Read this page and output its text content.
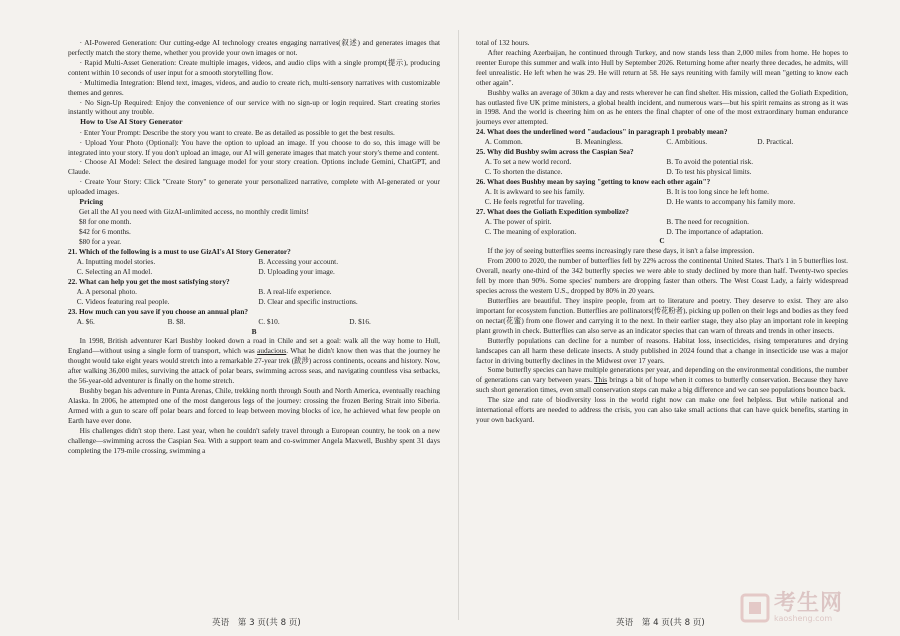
· AI-Powered Generation: Our cutting-edge AI technology creates engaging narratives(叙述) and generates images that perfectly match the story theme, whether you provide your own images or not.

· Rapid Multi-Asset Generation: Create multiple images, videos, and audio clips with a single prompt(提示), producing content within 10 seconds of user input for a smooth storytelling flow.

· Multimedia Integration: Blend text, images, videos, and audio to create rich, multi-sensory narratives with customizable themes and genres.

· No Sign-Up Required: Enjoy the convenience of our service with no sign-up or login required. Start creating stories instantly without any trouble.

How to Use AI Story Generator

· Enter Your Prompt: Describe the story you want to create. Be as detailed as possible to get the best results.

· Upload Your Photo (Optional): You have the option to upload an image. If you choose to do so, this image will be integrated into your story. If you don't upload an image, our AI will generate images that match your story's theme and content.

· Choose AI Model: Select the desired language model for your story creation. Options include Gemini, ChatGPT, and Claude.

· Create Your Story: Click "Create Story" to generate your personalized narrative, complete with AI-generated or your uploaded images.

Pricing

Get all the AI you need with GizAI-unlimited access, no monthly credit limits!

$8 for one month.

$42 for 6 months.

$80 for a year.

21. Which of the following is a must to use GizAI's AI Story Generator?

A. Inputting model stories.	B. Accessing your account.
C. Selecting an AI model.	D. Uploading your image.

22. What can help you get the most satisfying story?

A. A personal photo.	B. A real-life experience.
C. Videos featuring real people.	D. Clear and specific instructions.

23. How much can you save if you choose an annual plan?

A. $6.	B. $8.	C. $10.	D. $16.

B

In 1998, British adventurer Karl Bushby looked down a road in Chile and set a goal: walk all the way home to Hull, England—without using a single form of transport, which was audacious. What he didn't know then was that the journey he thought would take eight years would stretch into a remarkable 27-year trek (跋涉) across continents, oceans and history. Now, after walking 36,000 miles, surviving the attack of polar bears, swimming across seas, and navigating countless visa setbacks, the 56-year-old adventurer is finally on the home stretch.

Bushby began his adventure in Punta Arenas, Chile, trekking north through South and North America, eventually reaching Alaska. In 2006, he attempted one of the most dangerous legs of the journey: crossing the frozen Bering Strait into Siberia. Armed with a gun to scare off polar bears and forced to leap between moving blocks of ice, he achieved what few people on Earth have ever done.

His challenges didn't stop there. Last year, when he couldn't safely travel through a European country, he took on a new challenge—swimming across the Caspian Sea. With a support team and co-swimmer Angela Maxwell, Bushby spent 31 days completing the 179-mile crossing, swimming a

total of 132 hours.

After reaching Azerbaijan, he continued through Turkey, and now stands less than 2,000 miles from home. He hopes to reenter Europe this summer and walk into Hull by September 2026. Returning home after nearly three decades, he admits, will feel unrealistic. He left when he was 29. He will return at 58. He says reuniting with family will mean "getting to know each other again".

Bushby walks an average of 30km a day and rests wherever he can find shelter. His mission, called the Goliath Expedition, has outlasted five UK prime ministers, a global health incident, and numerous wars—but his spirit remains as strong as it was in 1998. And the world is cheering him on as he enters the final chapter of one of the most extraordinary human endurance journeys ever attempted.

24. What does the underlined word "audacious" in paragraph 1 probably mean?

A. Common.	B. Meaningless.	C. Ambitious.	D. Practical.

25. Why did Bushby swim across the Caspian Sea?

A. To set a new world record.	B. To avoid the potential risk.
C. To shorten the distance.	D. To test his physical limits.

26. What does Bushby mean by saying "getting to know each other again"?

A. It is awkward to see his family.	B. It is too long since he left home.
C. He feels regretful for traveling.	D. He wants to accompany his family more.

27. What does the Goliath Expedition symbolize?

A. The power of spirit.	B. The need for recognition.
C. The meaning of exploration.	D. The importance of adaptation.

C

If the joy of seeing butterflies seems increasingly rare these days, it isn't a false impression.

From 2000 to 2020, the number of butterflies fell by 22% across the continental United States. That's 1 in 5 butterflies lost. Overall, nearly one-third of the 342 butterfly species we were able to study declined by more than half. Twenty-two species fell by more than 90%. Some species' numbers are dropping faster than others. The West Coast Lady, a fairly widespread species across the western U.S., dropped by 80% in 20 years.

Butterflies are beautiful. They inspire people, from art to literature and poetry. They deserve to exist. They are also important for ecosystem function. Butterflies are pollinators(传花粉者), picking up pollen on their legs and bodies as they feed on nectar(花蜜) from one flower and carrying it to the next. In their earlier stage, they also play an important role in keeping plant growth in check. Butterflies can also serve as an indicator species that can warn of threats and trends in other insects.

Butterfly populations can decline for a number of reasons. Habitat loss, insecticides, rising temperatures and drying landscapes can all harm these delicate insects. A study published in 2024 found that a change in insecticide use was a major factor in driving butterfly declines in the Midwest over 17 years.

Some butterfly species can have multiple generations per year, and depending on the environmental conditions, the number of generations can vary between years. This brings a bit of hope when it comes to butterfly conservation. Because they have such short generation times, even small conservation steps can make a big difference and we can see populations bounce back.

The size and rate of biodiversity loss in the world right now can make one feel helpless. But while national and international efforts are needed to address the crisis, you can also take small actions that can have quick benefits, starting in your own backyard.

英语　第 3 页(共 8 页)	英语　第 4 页(共 8 页)
考生网
kaosheng.com
